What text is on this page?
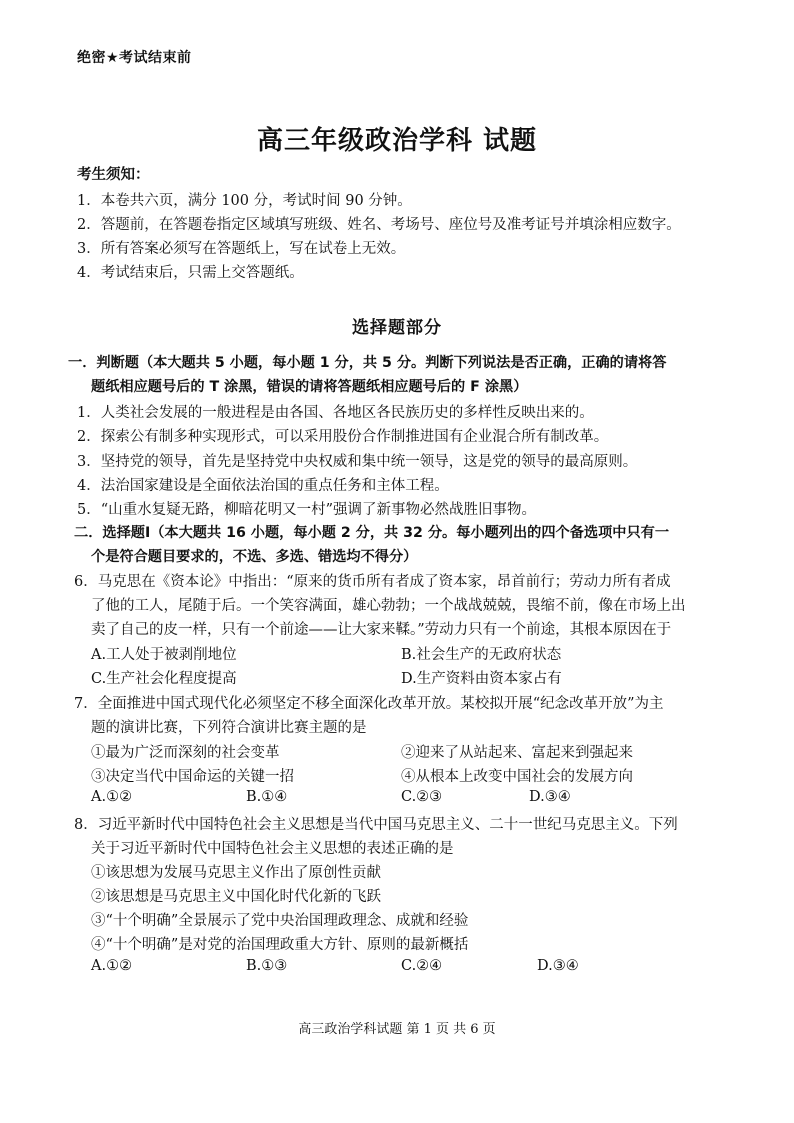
绝密★考试结束前
高三年级政治学科 试题
考生须知：
1．本卷共六页，满分 100 分，考试时间 90 分钟。
2．答题前，在答题卷指定区域填写班级、姓名、考场号、座位号及准考证号并填涂相应数字。
3．所有答案必须写在答题纸上，写在试卷上无效。
4．考试结束后，只需上交答题纸。
选择题部分
一．判断题（本大题共 5 小题，每小题 1 分，共 5 分。判断下列说法是否正确，正确的请将答
题纸相应题号后的 T 涂黑，错误的请将答题纸相应题号后的 F 涂黑）
1．人类社会发展的一般进程是由各国、各地区各民族历史的多样性反映出来的。
2．探索公有制多种实现形式，可以采用股份合作制推进国有企业混合所有制改革。
3．坚持党的领导，首先是坚持党中央权威和集中统一领导，这是党的领导的最高原则。
4．法治国家建设是全面依法治国的重点任务和主体工程。
5．“山重水复疑无路，柳暗花明又一村”强调了新事物必然战胜旧事物。
二．选择题Ⅰ（本大题共 16 小题，每小题 2 分，共 32 分。每小题列出的四个备选项中只有一
个是符合题目要求的，不选、多选、错选均不得分）
6．马克思在《资本论》中指出：“原来的货币所有者成了资本家，昂首前行；劳动力所有者成
了他的工人，尾随于后。一个笑容满面，雄心勃勃；一个战战兢兢，畏缩不前，像在市场上出
卖了自己的皮一样，只有一个前途——让大家来鞣。”劳动力只有一个前途，其根本原因在于
A.工人处于被剥削地位	B.社会生产的无政府状态
C.生产社会化程度提高	D.生产资料由资本家占有
7．全面推进中国式现代化必须坚定不移全面深化改革开放。某校拟开展“纪念改革开放”为主
题的演讲比赛，下列符合演讲比赛主题的是
①最为广泛而深刻的社会变革	②迎来了从站起来、富起来到强起来
③决定当代中国命运的关键一招	④从根本上改变中国社会的发展方向
A.①②	B.①④	C.②③	D.③④
8．习近平新时代中国特色社会主义思想是当代中国马克思主义、二十一世纪马克思主义。下列
关于习近平新时代中国特色社会主义思想的表述正确的是
①该思想为发展马克思主义作出了原创性贡献
②该思想是马克思主义中国化时代化新的飞跃
③“十个明确”全景展示了党中央治国理政理念、成就和经验
④“十个明确”是对党的治国理政重大方针、原则的最新概括
A.①②	B.①③	C.②④	D.③④
高三政治学科试题 第 1 页 共 6 页
